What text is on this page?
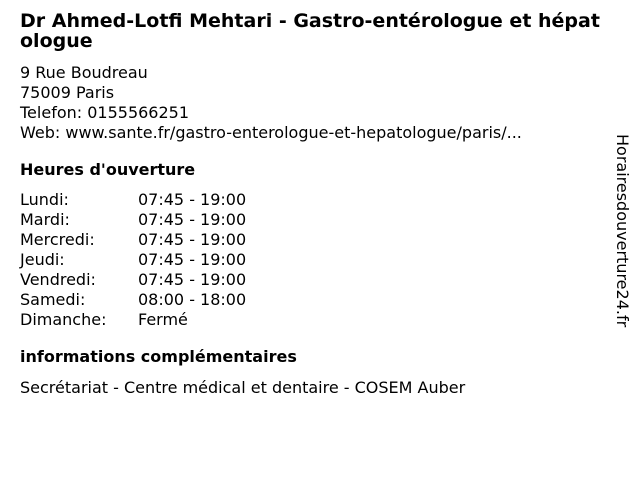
Dr Ahmed-Lotfi Mehtari - Gastro-entérologue et hépatologue
9 Rue Boudreau
75009 Paris
Telefon: 0155566251
Web: www.sante.fr/gastro-enterologue-et-hepatologue/paris/...
Heures d'ouverture
Lundi:	07:45 - 19:00
Mardi:	07:45 - 19:00
Mercredi:	07:45 - 19:00
Jeudi:	07:45 - 19:00
Vendredi:	07:45 - 19:00
Samedi:	08:00 - 18:00
Dimanche:	Fermé
informations complémentaires
Secrétariat - Centre médical et dentaire - COSEM Auber
Horairesdouverture24.fr
